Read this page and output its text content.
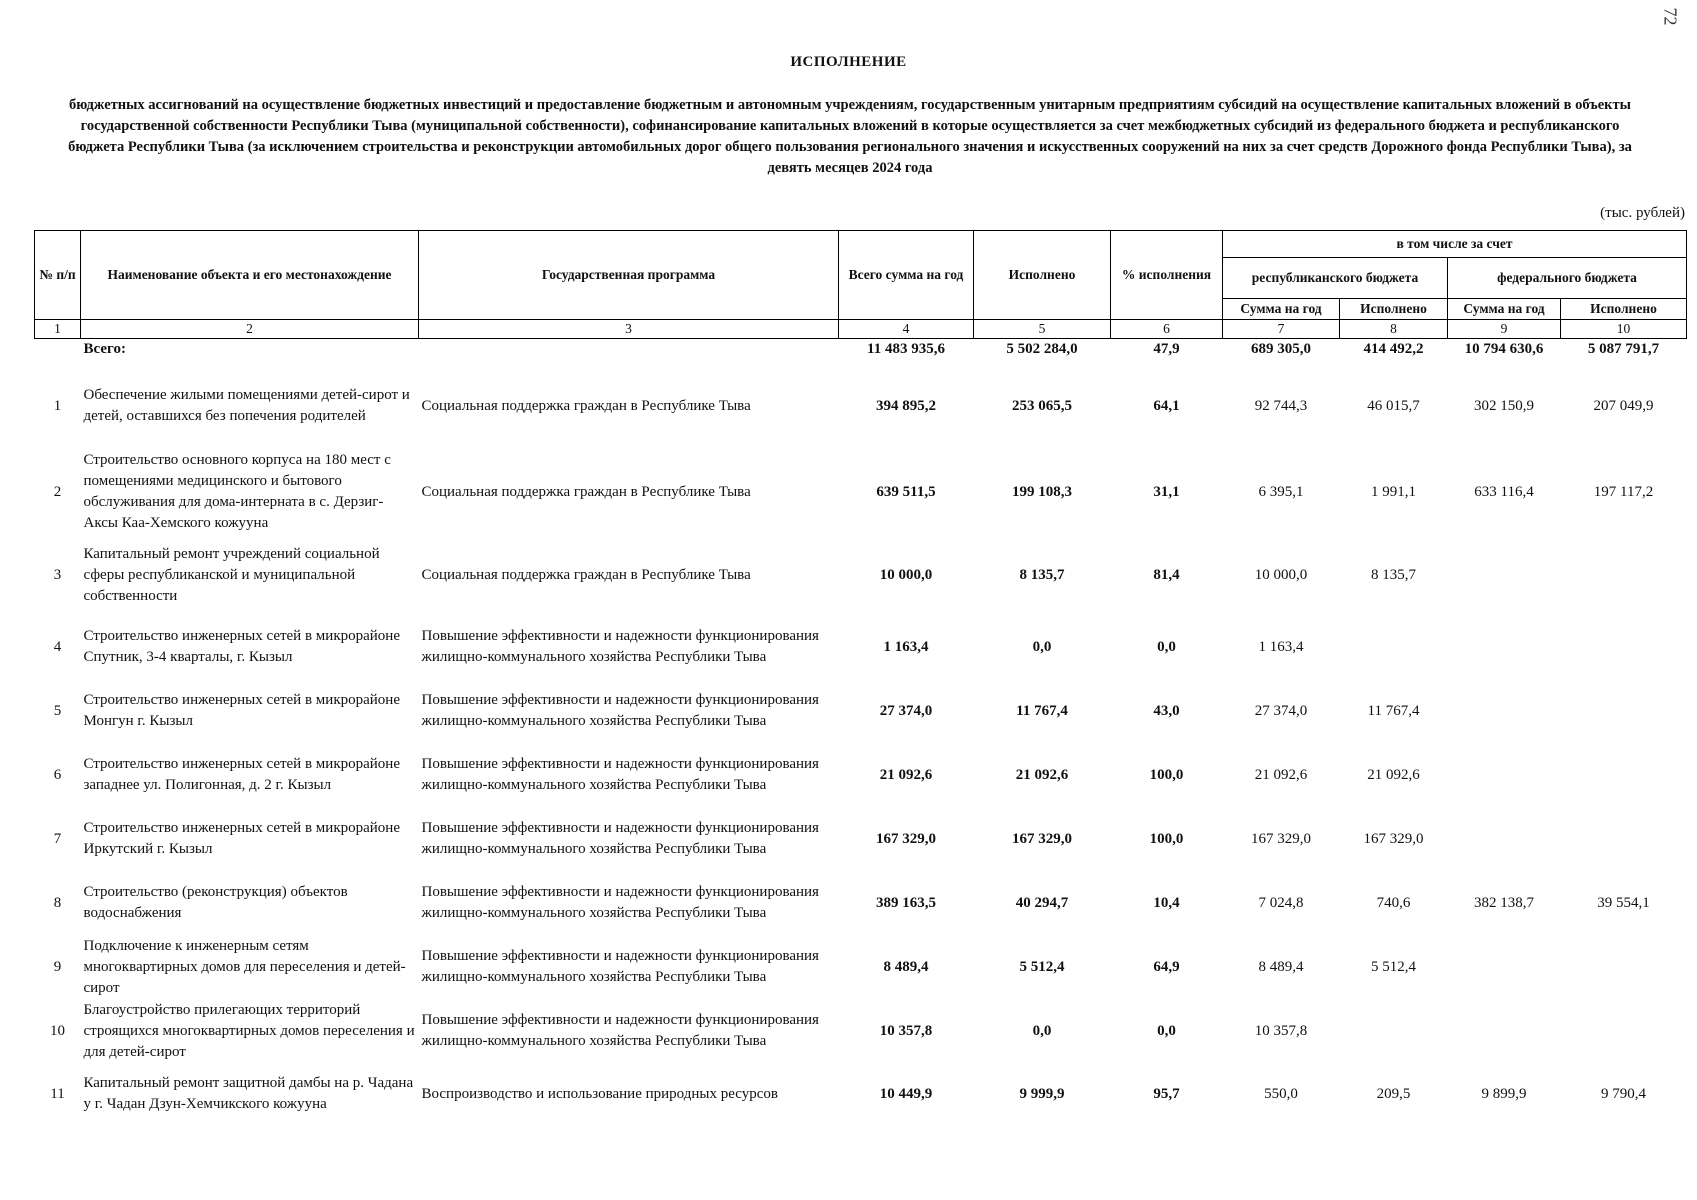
72
ИСПОЛНЕНИЕ
бюджетных ассигнований на осуществление бюджетных инвестиций и предоставление бюджетным и автономным учреждениям, государственным унитарным предприятиям субсидий на осуществление капитальных вложений в объекты государственной собственности Республики Тыва (муниципальной собственности), софинансирование капитальных вложений в которые осуществляется за счет межбюджетных субсидий из федерального бюджета и республиканского бюджета Республики Тыва (за исключением строительства и реконструкции автомобильных дорог общего пользования регионального значения и искусственных сооружений на них за счет средств Дорожного фонда Республики Тыва), за девять месяцев 2024 года
(тыс. рублей)
№ п/п	Наименование объекта и его местонахождение	Государственная программа	Всего сумма на год	Исполнено	% исполнения	в том числе за счет			
						республиканского бюджета		федерального бюджета	
						Сумма на год	Исполнено	Сумма на год	Исполнено
1	2	3	4	5	6	7	8	9	10
	Всего:		11 483 935,6	5 502 284,0	47,9	689 305,0	414 492,2	10 794 630,6	5 087 791,7
1	Обеспечение жилыми помещениями детей-сирот и детей, оставшихся без попечения родителей	Социальная поддержка граждан в Республике Тыва	394 895,2	253 065,5	64,1	92 744,3	46 015,7	302 150,9	207 049,9
2	Строительство основного корпуса на 180 мест с помещениями медицинского и бытового обслуживания для дома-интерната в с. Дерзиг-Аксы Каа-Хемского кожууна	Социальная поддержка граждан в Республике Тыва	639 511,5	199 108,3	31,1	6 395,1	1 991,1	633 116,4	197 117,2
3	Капитальный ремонт учреждений социальной сферы республиканской и муниципальной собственности	Социальная поддержка граждан в Республике Тыва	10 000,0	8 135,7	81,4	10 000,0	8 135,7		
4	Строительство инженерных сетей в микрорайоне Спутник, 3-4 кварталы, г. Кызыл	Повышение эффективности и надежности функционирования жилищно-коммунального хозяйства Республики Тыва	1 163,4	0,0	0,0	1 163,4			
5	Строительство инженерных сетей в микрорайоне Монгун г. Кызыл	Повышение эффективности и надежности функционирования жилищно-коммунального хозяйства Республики Тыва	27 374,0	11 767,4	43,0	27 374,0	11 767,4		
6	Строительство инженерных сетей в микрорайоне западнее ул. Полигонная, д. 2 г. Кызыл	Повышение эффективности и надежности функционирования жилищно-коммунального хозяйства Республики Тыва	21 092,6	21 092,6	100,0	21 092,6	21 092,6		
7	Строительство инженерных сетей в микрорайоне Иркутский г. Кызыл	Повышение эффективности и надежности функционирования жилищно-коммунального хозяйства Республики Тыва	167 329,0	167 329,0	100,0	167 329,0	167 329,0		
8	Строительство (реконструкция) объектов водоснабжения	Повышение эффективности и надежности функционирования жилищно-коммунального хозяйства Республики Тыва	389 163,5	40 294,7	10,4	7 024,8	740,6	382 138,7	39 554,1
9	Подключение к инженерным сетям многоквартирных домов для переселения и детей-сирот	Повышение эффективности и надежности функционирования жилищно-коммунального хозяйства Республики Тыва	8 489,4	5 512,4	64,9	8 489,4	5 512,4		
10	Благоустройство прилегающих территорий строящихся многоквартирных домов переселения и для детей-сирот	Повышение эффективности и надежности функционирования жилищно-коммунального хозяйства Республики Тыва	10 357,8	0,0	0,0	10 357,8			
11	Капитальный ремонт защитной дамбы на р. Чадана у г. Чадан Дзун-Хемчикского кожууна	Воспроизводство и использование природных ресурсов	10 449,9	9 999,9	95,7	550,0	209,5	9 899,9	9 790,4
